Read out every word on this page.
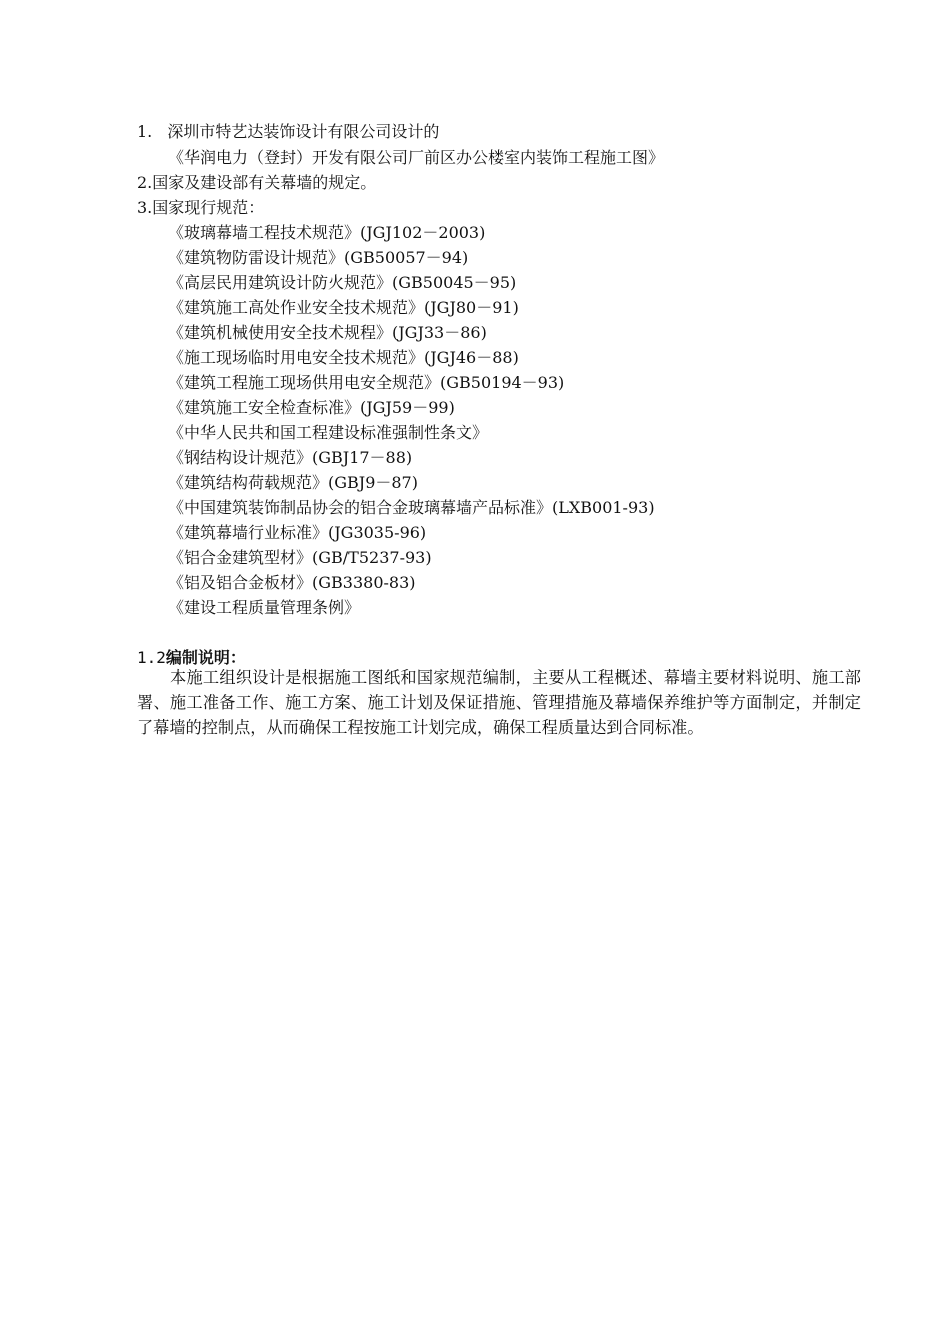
1. 深圳市特艺达装饰设计有限公司设计的
《华润电力（登封）开发有限公司厂前区办公楼室内装饰工程施工图》
2.国家及建设部有关幕墙的规定。
3.国家现行规范：
《玻璃幕墙工程技术规范》(JGJ102－2003)
《建筑物防雷设计规范》(GB50057－94)
《高层民用建筑设计防火规范》(GB50045－95)
《建筑施工高处作业安全技术规范》(JGJ80－91)
《建筑机械使用安全技术规程》(JGJ33－86)
《施工现场临时用电安全技术规范》(JGJ46－88)
《建筑工程施工现场供用电安全规范》(GB50194－93)
《建筑施工安全检查标准》(JGJ59－99)
《中华人民共和国工程建设标准强制性条文》
《钢结构设计规范》(GBJ17－88)
《建筑结构荷载规范》(GBJ9－87)
《中国建筑装饰制品协会的铝合金玻璃幕墙产品标准》(LXB001-93)
《建筑幕墙行业标准》(JG3035-96)
《铝合金建筑型材》(GB/T5237-93)
《铝及铝合金板材》(GB3380-83)
《建设工程质量管理条例》
1.2编制说明：

本施工组织设计是根据施工图纸和国家规范编制，主要从工程概述、幕墙主要材料说明、施工部署、施工准备工作、施工方案、施工计划及保证措施、管理措施及幕墙保养维护等方面制定，并制定了幕墙的控制点，从而确保工程按施工计划完成，确保工程质量达到合同标准。
